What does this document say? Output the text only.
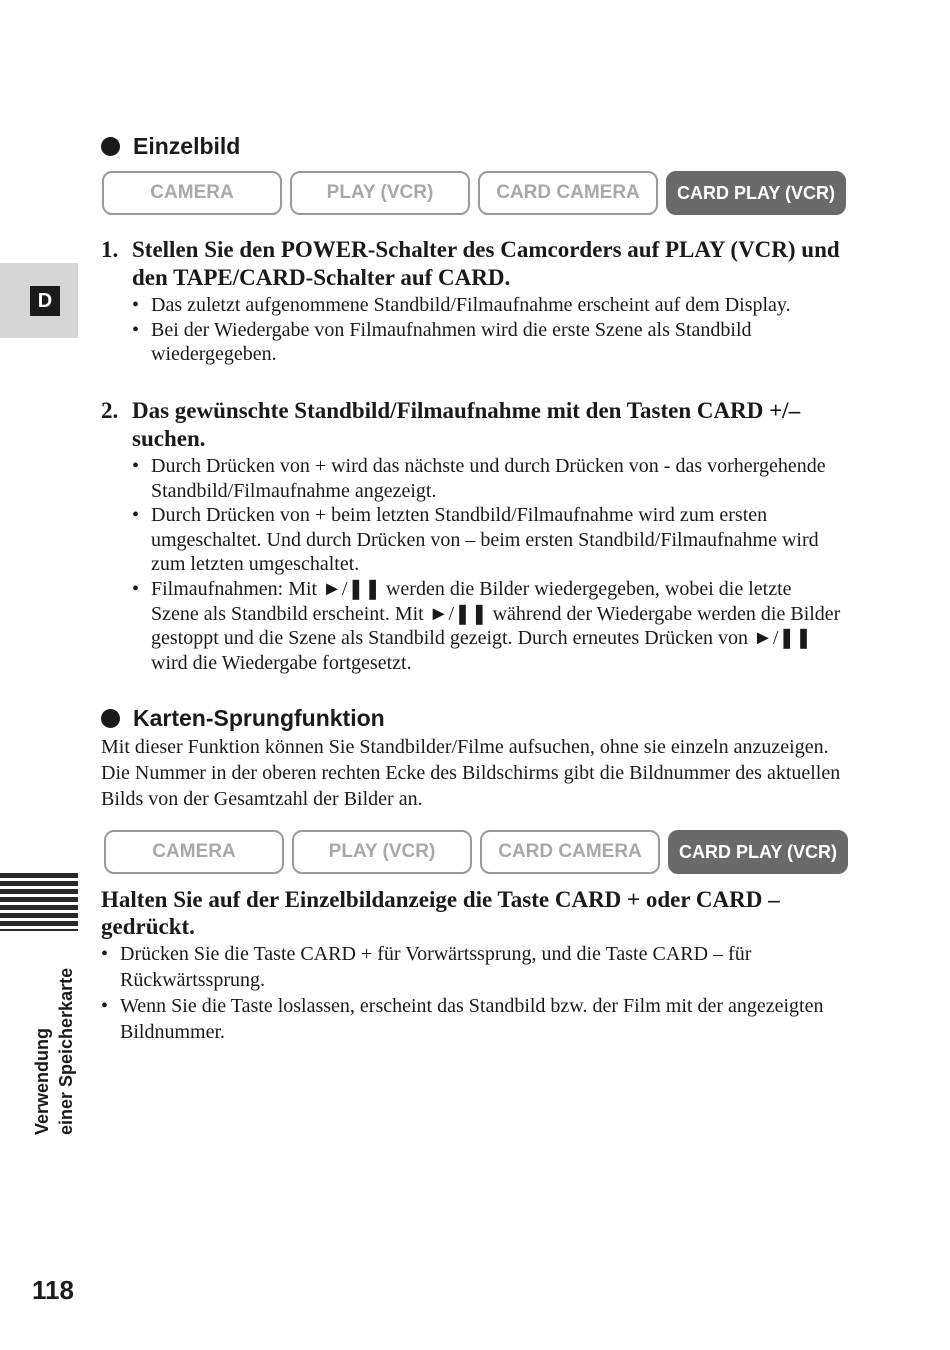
D
Verwendung einer Speicherkarte
118
Einzelbild
CAMERA	PLAY (VCR)	CARD CAMERA	CARD PLAY (VCR)
1. Stellen Sie den POWER-Schalter des Camcorders auf PLAY (VCR) und den TAPE/CARD-Schalter auf CARD.
• Das zuletzt aufgenommene Standbild/Filmaufnahme erscheint auf dem Display.
• Bei der Wiedergabe von Filmaufnahmen wird die erste Szene als Standbild wiedergegeben.
2. Das gewünschte Standbild/Filmaufnahme mit den Tasten CARD +/– suchen.
• Durch Drücken von + wird das nächste und durch Drücken von - das vorhergehende Standbild/Filmaufnahme angezeigt.
• Durch Drücken von + beim letzten Standbild/Filmaufnahme wird zum ersten umgeschaltet. Und durch Drücken von – beim ersten Standbild/Filmaufnahme wird zum letzten umgeschaltet.
• Filmaufnahmen: Mit ►/❚❚ werden die Bilder wiedergegeben, wobei die letzte Szene als Standbild erscheint. Mit ►/❚❚ während der Wiedergabe werden die Bilder gestoppt und die Szene als Standbild gezeigt. Durch erneutes Drücken von ►/❚❚ wird die Wiedergabe fortgesetzt.
Karten-Sprungfunktion
Mit dieser Funktion können Sie Standbilder/Filme aufsuchen, ohne sie einzeln anzuzeigen. Die Nummer in der oberen rechten Ecke des Bildschirms gibt die Bildnummer des aktuellen Bilds von der Gesamtzahl der Bilder an.
CAMERA	PLAY (VCR)	CARD CAMERA	CARD PLAY (VCR)
Halten Sie auf der Einzelbildanzeige die Taste CARD + oder CARD – gedrückt.
• Drücken Sie die Taste CARD + für Vorwärtssprung, und die Taste CARD – für Rückwärtssprung.
• Wenn Sie die Taste loslassen, erscheint das Standbild bzw. der Film mit der angezeigten Bildnummer.
